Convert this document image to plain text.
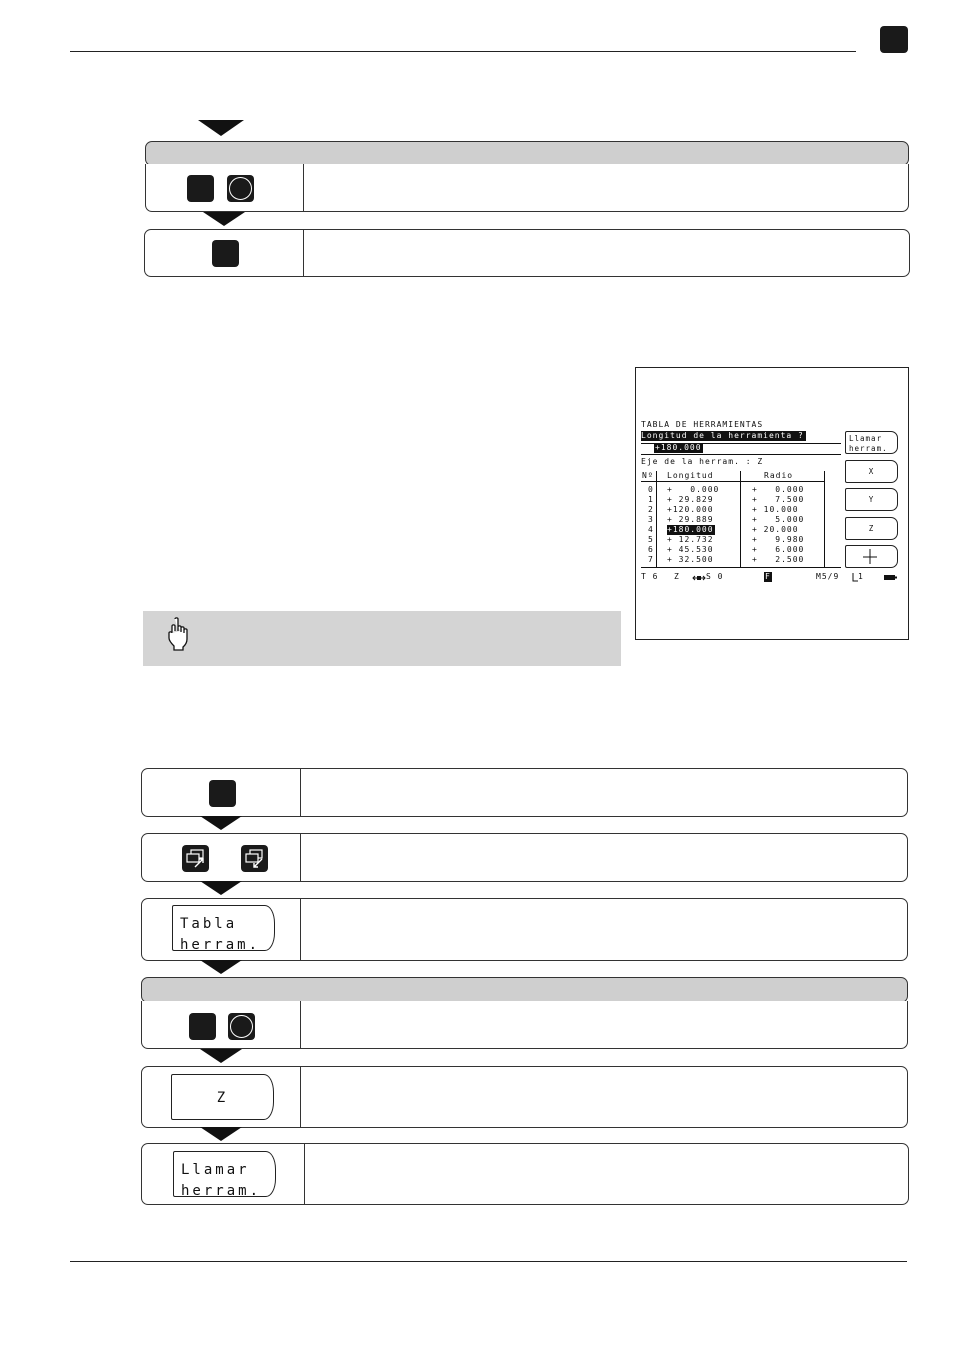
TABLA DE HERRAMIENTAS
Longitud de la herramienta ?
+180.000
Eje de la herram. : Z
Nº Longitud	Radio
0 +   0.000	+   0.000
1 + 29.829	+   7.500
2 +120.000	+ 10.000
3 + 29.889	+   5.000
4 +180.000	+ 20.000
5 + 12.732	+   9.980
6 + 45.530	+   6.000
7 + 32.500	+   2.500
T 6 Z	S 0	F	M5/9 1
Llamar
herram.
X
Y
Z
Tabla
herram.
Z
Llamar
herram.
